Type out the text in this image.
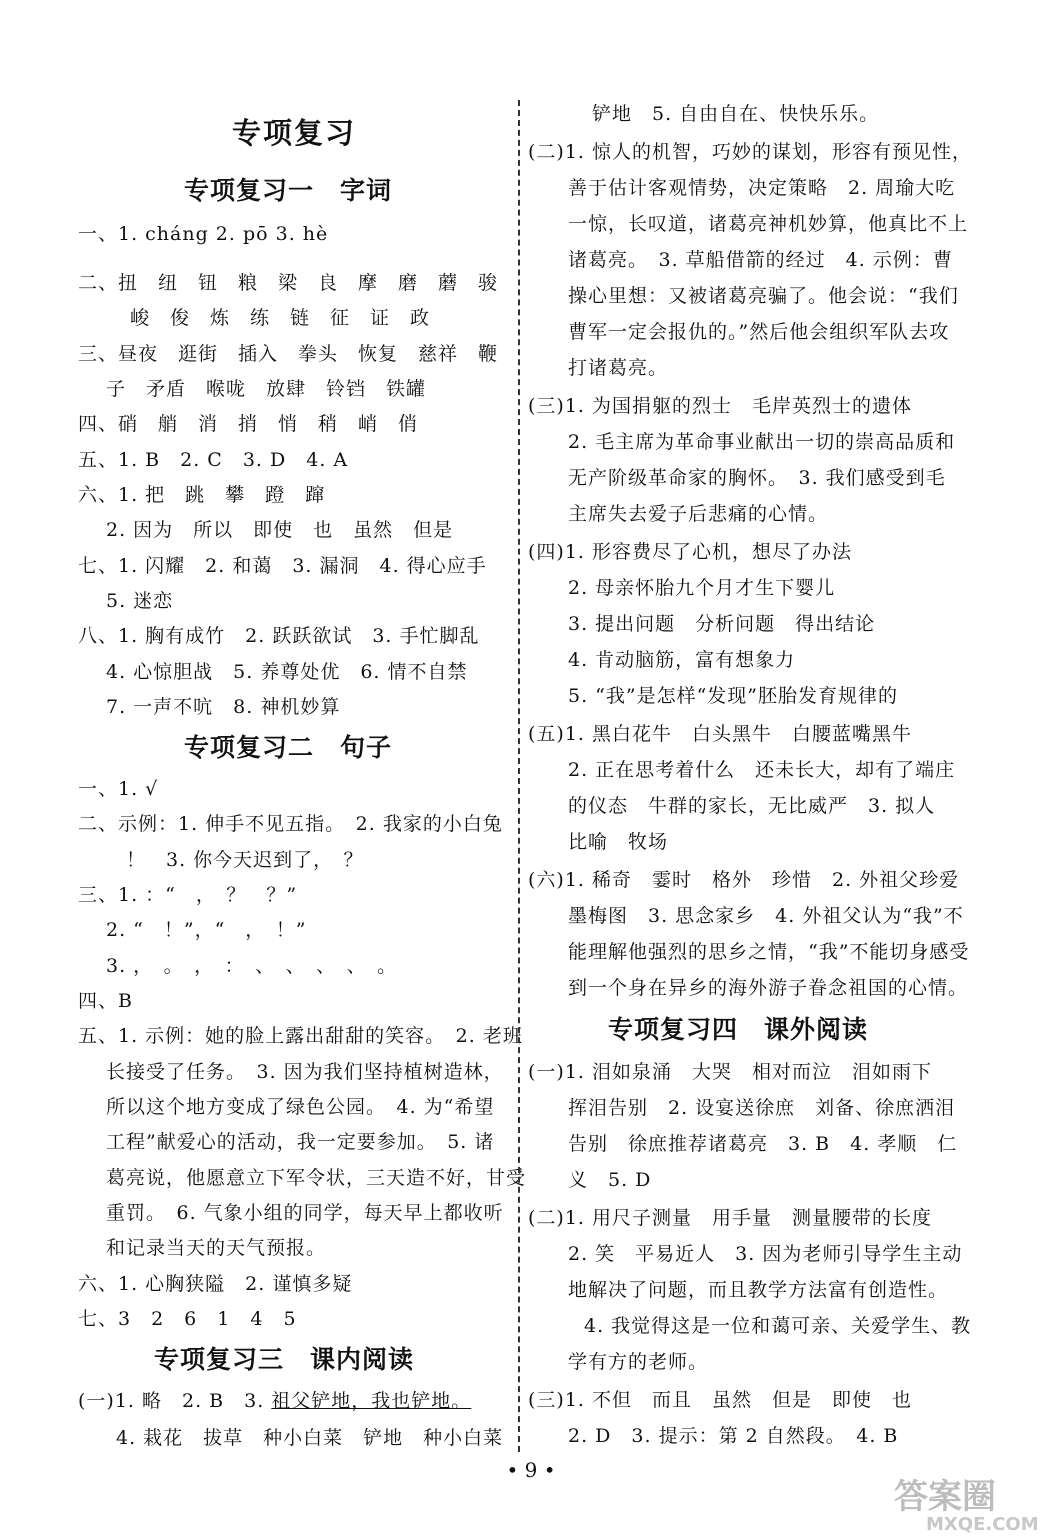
专项复习
专项复习一　字词
一、1. cháng 2. pō 3. hè
二、扭　纽　钮　粮　梁　良　摩　磨　蘑　骏
峻　俊　炼　练　链　征　证　政
三、昼夜　逛街　插入　拳头　恢复　慈祥　鞭
子　矛盾　喉咙　放肆　铃铛　铁罐
四、硝　艄　消　捎　悄　稍　峭　俏
五、1. B　2. C　3. D　4. A
六、1. 把　跳　攀　蹬　蹿
2. 因为　所以　即使　也　虽然　但是
七、1. 闪耀　2. 和蔼　3. 漏洞　4. 得心应手
5. 迷恋
八、1. 胸有成竹　2. 跃跃欲试　3. 手忙脚乱
4. 心惊胆战　5. 养尊处优　6. 情不自禁
7. 一声不吭　8. 神机妙算
专项复习二　句子
一、1. √
二、示例：1. 伸手不见五指。　2. 我家的小白兔
！　3. 你今天迟到了，　？
三、1. ：“　，　？　？”
2. “　！”，“　，　！”
3. ，　。　，　：　、　、　、　、　。
四、B
五、1. 示例：她的脸上露出甜甜的笑容。　2. 老班
长接受了任务。　3. 因为我们坚持植树造林，
所以这个地方变成了绿色公园。　4. 为“希望
工程”献爱心的活动，我一定要参加。　5. 诸
葛亮说，他愿意立下军令状，三天造不好，甘受
重罚。　6. 气象小组的同学，每天早上都收听
和记录当天的天气预报。
六、1. 心胸狭隘　2. 谨慎多疑
七、3　2　6　1　4　5
专项复习三　课内阅读
(一)1. 略　2. B　3. 祖父铲地，我也铲地。
4. 栽花　拔草　种小白菜　铲地　种小白菜
铲地　5. 自由自在、快快乐乐。
(二)1. 惊人的机智，巧妙的谋划，形容有预见性，
善于估计客观情势，决定策略　2. 周瑜大吃
一惊，长叹道，诸葛亮神机妙算，他真比不上
诸葛亮。　3. 草船借箭的经过　4. 示例：曹
操心里想：又被诸葛亮骗了。他会说：“我们
曹军一定会报仇的。”然后他会组织军队去攻
打诸葛亮。
(三)1. 为国捐躯的烈士　毛岸英烈士的遗体
2. 毛主席为革命事业献出一切的崇高品质和
无产阶级革命家的胸怀。　3. 我们感受到毛
主席失去爱子后悲痛的心情。
(四)1. 形容费尽了心机，想尽了办法
2. 母亲怀胎九个月才生下婴儿
3. 提出问题　分析问题　得出结论
4. 肯动脑筋，富有想象力
5. “我”是怎样“发现”胚胎发育规律的
(五)1. 黑白花牛　白头黑牛　白腰蓝嘴黑牛
2. 正在思考着什么　还未长大，却有了端庄
的仪态　牛群的家长，无比威严　3. 拟人
比喻　牧场
(六)1. 稀奇　霎时　格外　珍惜　2. 外祖父珍爱
墨梅图　3. 思念家乡　4. 外祖父认为“我”不
能理解他强烈的思乡之情，“我”不能切身感受
到一个身在异乡的海外游子眷念祖国的心情。
专项复习四　课外阅读
(一)1. 泪如泉涌　大哭　相对而泣　泪如雨下
挥泪告别　2. 设宴送徐庶　刘备、徐庶洒泪
告别　徐庶推荐诸葛亮　3. B　4. 孝顺　仁
义　5. D
(二)1. 用尺子测量　用手量　测量腰带的长度
2. 笑　平易近人　3. 因为老师引导学生主动
地解决了问题，而且教学方法富有创造性。
4. 我觉得这是一位和蔼可亲、关爱学生、教
学有方的老师。
(三)1. 不但　而且　虽然　但是　即使　也
2. D　3. 提示：第 2 自然段。　4. B
• 9 •
答案圈
MXQE.COM
